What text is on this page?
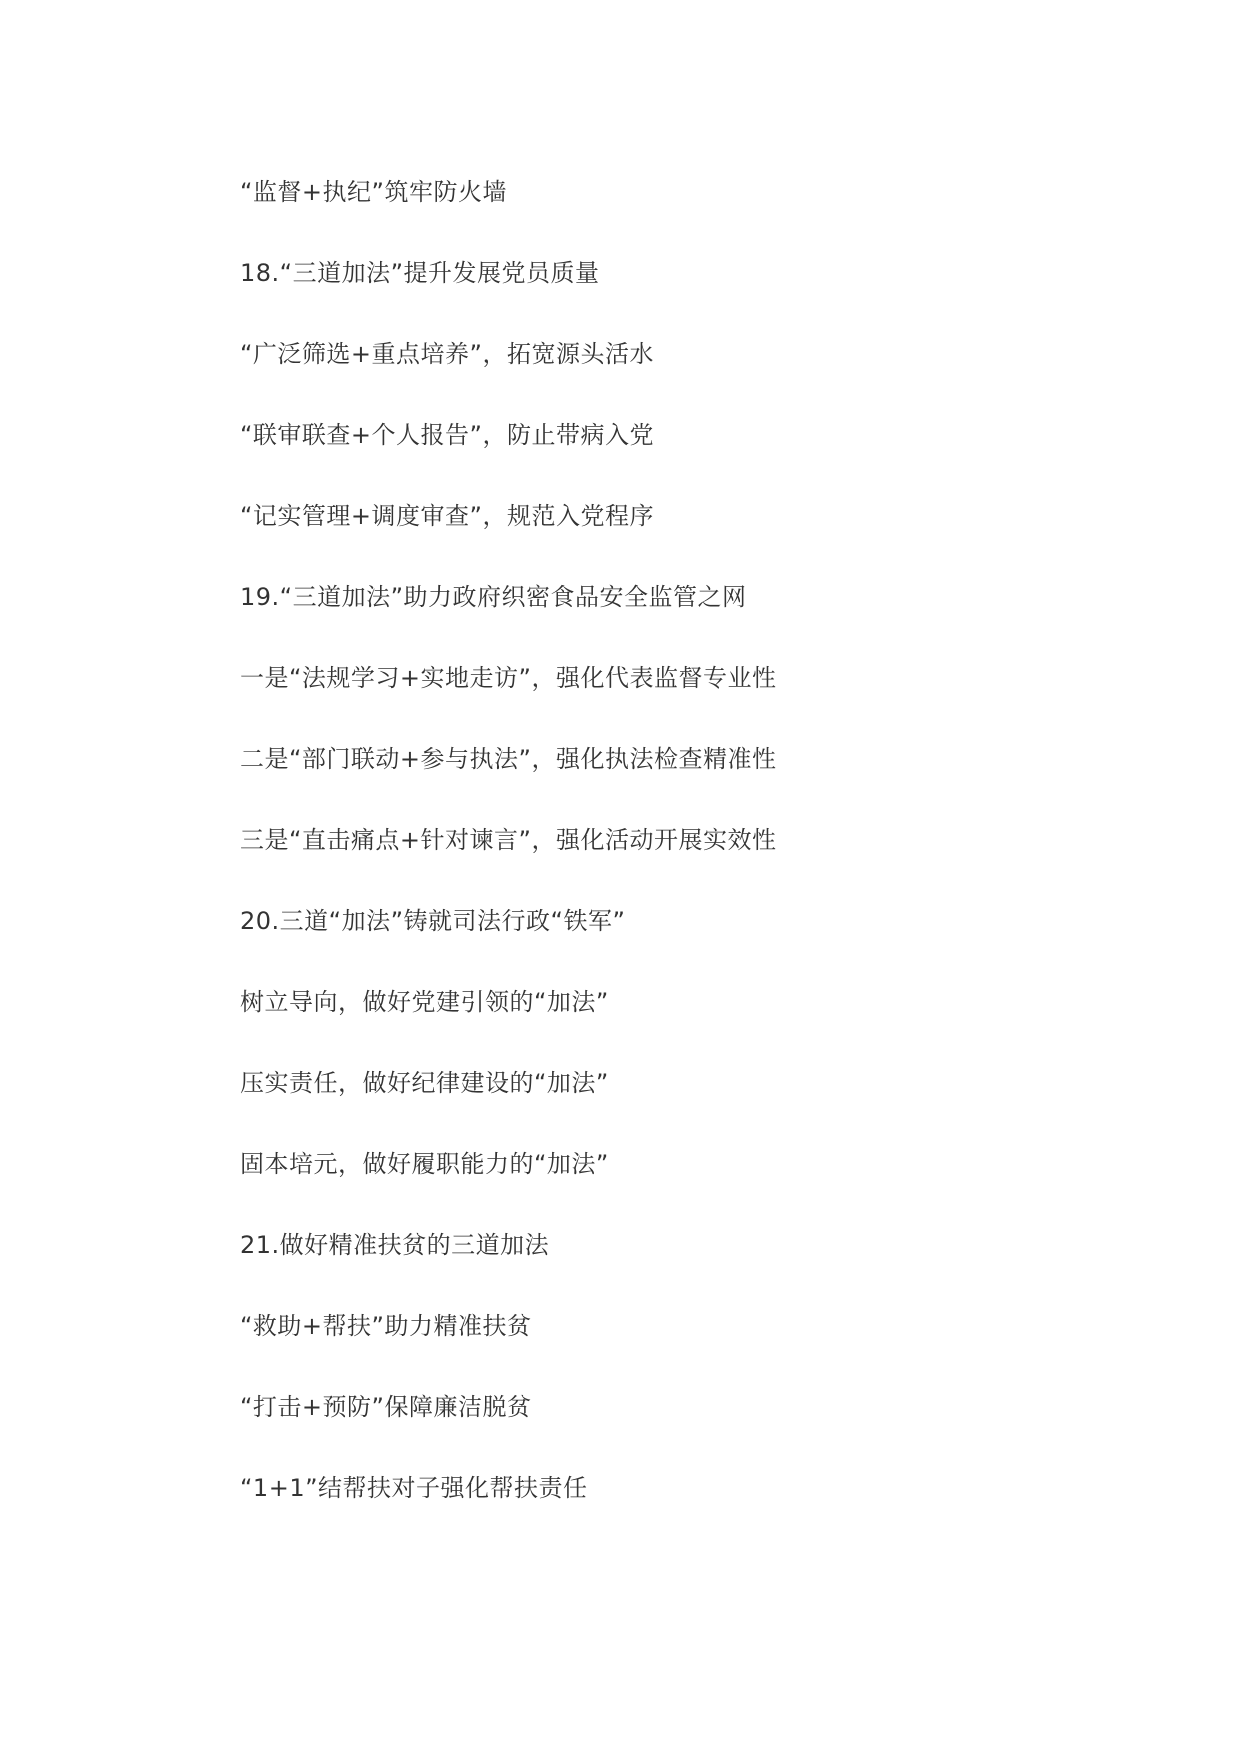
“监督+执纪”筑牢防火墙
18.“三道加法”提升发展党员质量
“广泛筛选+重点培养”，拓宽源头活水
“联审联查+个人报告”，防止带病入党
“记实管理+调度审查”，规范入党程序
19.“三道加法”助力政府织密食品安全监管之网
一是“法规学习+实地走访”，强化代表监督专业性
二是“部门联动+参与执法”，强化执法检查精准性
三是“直击痛点+针对谏言”，强化活动开展实效性
20.三道“加法”铸就司法行政“铁军”
树立导向，做好党建引领的“加法”
压实责任，做好纪律建设的“加法”
固本培元，做好履职能力的“加法”
21.做好精准扶贫的三道加法
“救助+帮扶”助力精准扶贫
“打击+预防”保障廉洁脱贫
“1+1”结帮扶对子强化帮扶责任
